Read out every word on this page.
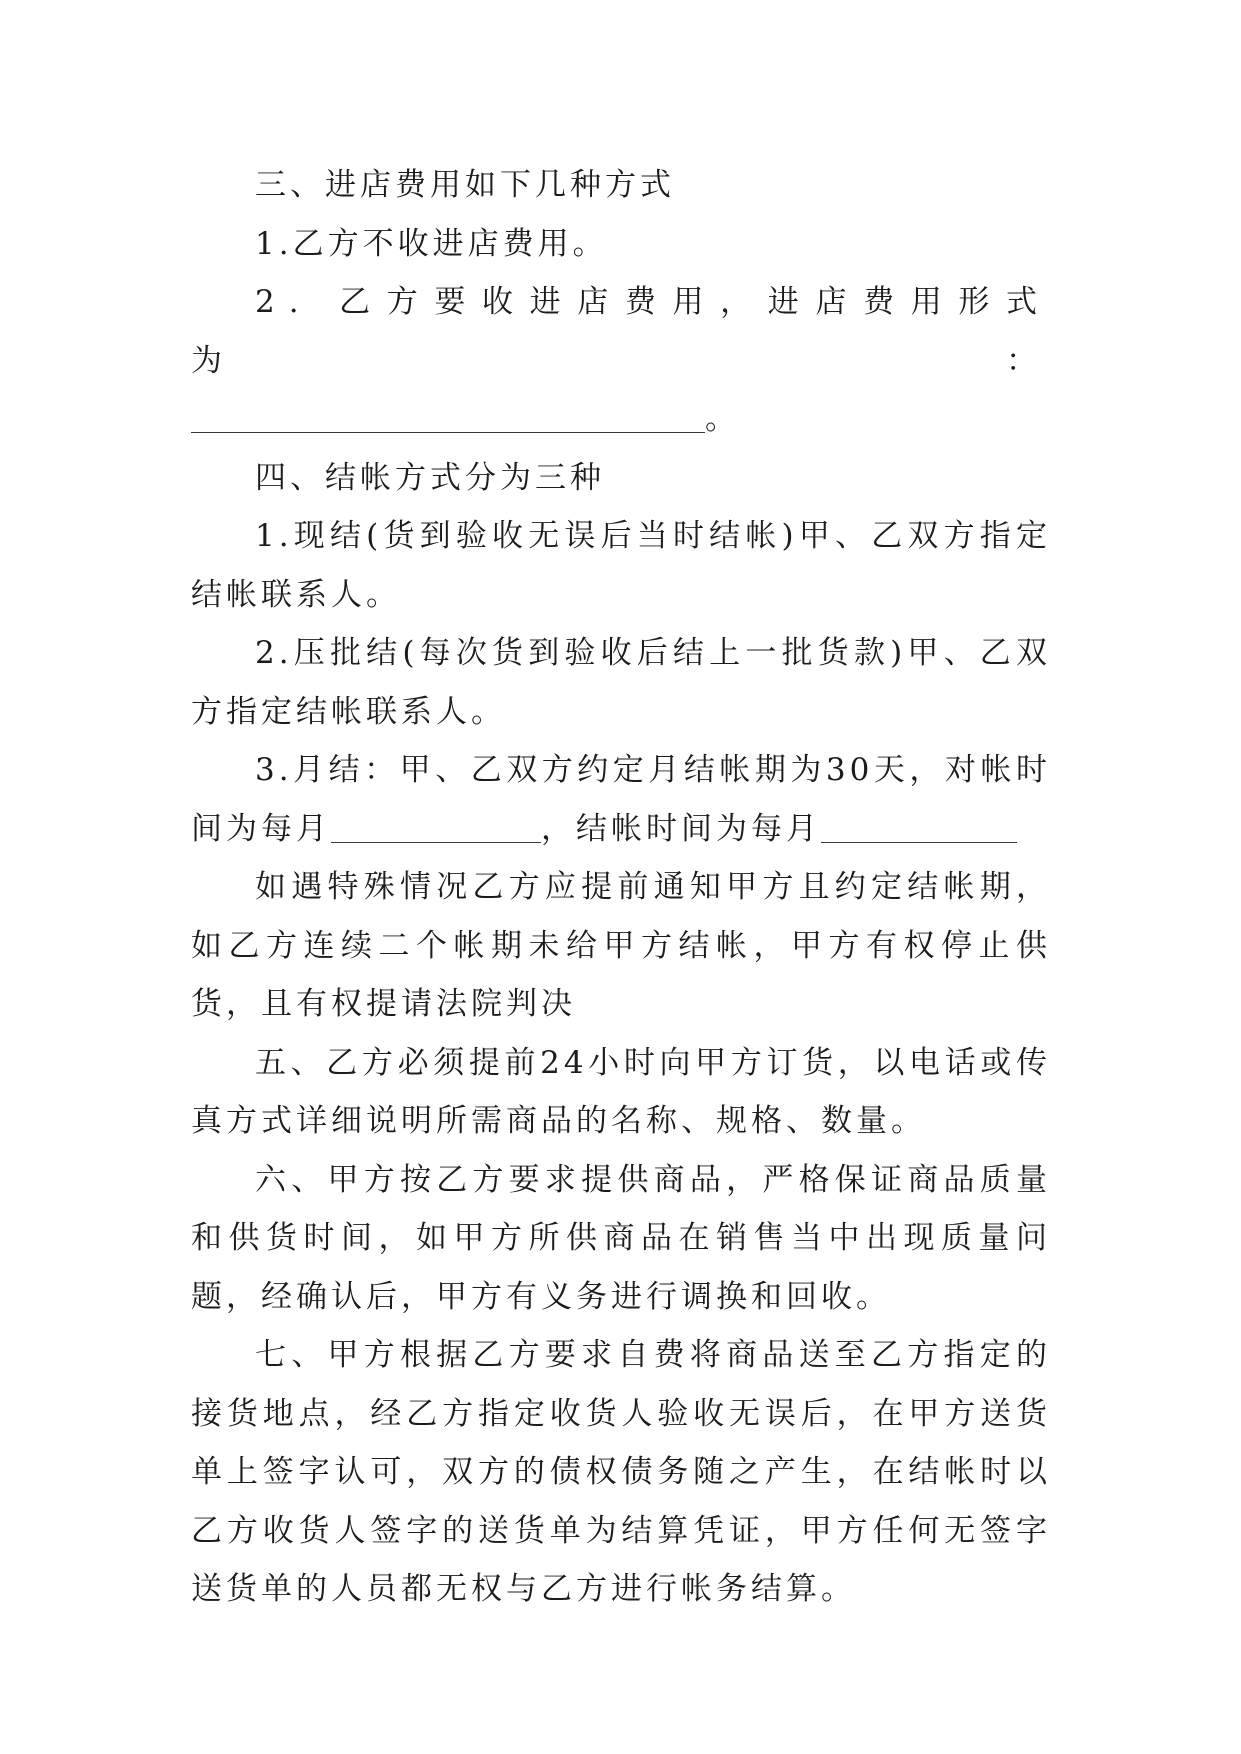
三、进店费用如下几种方式

1.乙方不收进店费用。

2. 乙方要收进店费用，进店费用形式为：

。

四、结帐方式分为三种

1.现结(货到验收无误后当时结帐)甲、乙双方指定结帐联系人。

2.压批结(每次货到验收后结上一批货款)甲、乙双方指定结帐联系人。

3.月结：甲、乙双方约定月结帐期为30天，对帐时间为每月	，结帐时间为每月

如遇特殊情况乙方应提前通知甲方且约定结帐期，如乙方连续二个帐期未给甲方结帐，甲方有权停止供货，且有权提请法院判决

五、乙方必须提前24小时向甲方订货，以电话或传真方式详细说明所需商品的名称、规格、数量。

六、甲方按乙方要求提供商品，严格保证商品质量和供货时间，如甲方所供商品在销售当中出现质量问题，经确认后，甲方有义务进行调换和回收。

七、甲方根据乙方要求自费将商品送至乙方指定的接货地点，经乙方指定收货人验收无误后，在甲方送货单上签字认可，双方的债权债务随之产生，在结帐时以乙方收货人签字的送货单为结算凭证，甲方任何无签字送货单的人员都无权与乙方进行帐务结算。
